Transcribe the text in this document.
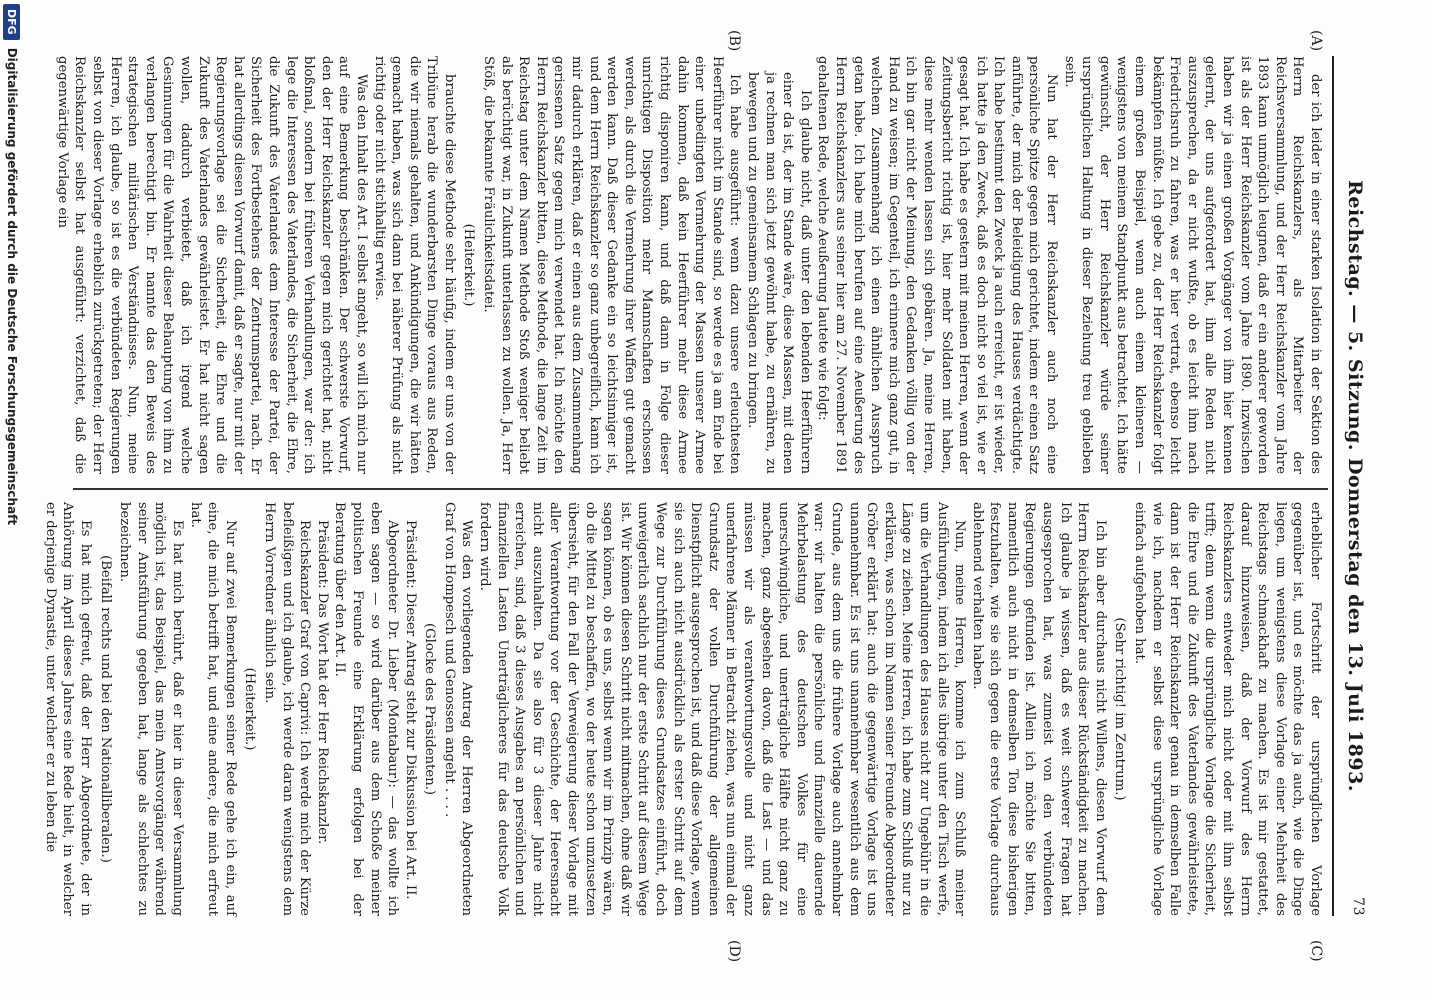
Reichstag. — 5. Sitzung. Donnerstag den 13. Juli 1893.
73
(A)
(B)
(C)
(D)

der ich leider in einer starken Isolation in der Sektion des Herrn Reichskanzlers, als Mitarbeiter der Reichsversammlung, und der Herr Reichskanzler vom Jahre 1893 kann unmöglich leugnen, daß er ein anderer geworden ist als der Herr Reichskanzler vom Jahre 1890. Inzwischen haben wir ja einen großen Vorgänger von ihm hier kennen gelernt, der uns aufgefordert hat, ihm alle Reden nicht auszusprechen, da er nicht wußte, ob es leicht ihm nach Friedrichsruh zu fahren, was er hier vertrat, ebenso leicht bekämpfen müßte. Ich gebe zu, der Herr Reichskanzler folgt einem großen Beispiel, wenn auch einem kleineren — wenigstens von meinem Standpunkt aus betrachtet. Ich hätte gewünscht, der Herr Reichskanzler würde seiner ursprünglichen Haltung in dieser Beziehung treu geblieben sein.

Nun hat der Herr Reichskanzler auch noch eine persönliche Spitze gegen mich gerichtet, indem er einen Satz anführte, der mich der Beleidigung des Hauses verdächtigte. Ich habe bestimmt den Zweck ja auch erreicht, er ist wieder, ich hatte ja den Zweck, daß es doch nicht so viel ist, wie er gesagt hat. Ich habe es gestern mit meinen Herren, wenn der Zeitungsbericht richtig ist, hier mehr Soldaten mit haben, diese mehr wenden lassen sich gebären. Ja, meine Herren, ich bin gar nicht der Meinung, den Gedanken völlig von der Hand zu weisen; im Gegenteil, ich erinnere mich ganz gut, in welchem Zusammenhang ich einen ähnlichen Ausspruch getan habe. Ich habe mich berufen auf eine Aeußerung des Herrn Reichskanzlers aus seiner hier am 27. November 1891 gehaltenen Rede, welche Aeußerung lautete wie folgt:

Ich glaube nicht, daß unter den lebenden Heerführern einer da ist, der im Stande wäre, diese Massen, mit denen ja rechnen man sich jetzt gewöhnt habe, zu ernähren, zu bewegen und zu gemeinsamem Schlagen zu bringen.

Ich habe ausgeführt: wenn dazu unsere erleuchtesten Heerführer nicht im Stande sind, so werde es ja am Ende bei einer unbedingten Vermehrung der Massen unserer Armee dahin kommen, daß kein Heerführer mehr diese Armee richtig disponiren kann, und daß dann in Folge dieser unrichtigen Disposition mehr Mannschaften erschossen werden, als durch die Vermehrung ihrer Waffen gut gemacht werden kann. Daß dieser Gedanke ein so leichtsinniger ist, und dem Herrn Reichskanzler so ganz unbegreiflich, kann ich mir dadurch erklären, daß er einen aus dem Zusammenhang gerissenen Satz gegen mich verwendet hat. Ich möchte den Herrn Reichskanzler bitten, diese Methode, die lange Zeit im Reichstag unter dem Namen Methode Stoß weniger beliebt als berüchtigt war, in Zukunft unterlassen zu wollen. Ja, Herr Stöß, die bekannte Fräulichkeitsdatei.

(Heiterkeit.)

brauchte diese Methode sehr häufig, indem er uns von der Tribüne herab die wunderbarsten Dinge voraus aus Reden, die wir niemals gehalten, und Ankündigungen, die wir hätten gemacht haben, was sich dann bei näherer Prüfung als nicht richtig oder nicht stichhaltig erwies.

Was den Inhalt des Art. I selbst angeht, so will ich mich nur auf eine Bemerkung beschränken. Der schwerste Vorwurf, den der Herr Reichskanzler gegen mich gerichtet hat, nicht bloßmal, sondern bei früheren Verhandlungen, war der: ich lege die Interessen des Vaterlandes, die Sicherheit, die Ehre, die Zukunft des Vaterlandes dem Interesse der Partei, der Sicherheit des Fortbestehens der Zentrumspartei, nach. Er hat allerdings diesen Vorwurf damit, daß er sagte, nur mit der Regierungsvorlage sei die Sicherheit, die Ehre und die Zukunft des Vaterlandes gewährleistet. Er hat nicht sagen wollen, dadurch verbietet, daß ich irgend welche Gesinnungen für die Wahrheit dieser Behauptung von ihm zu verlangen berechtigt bin. Er nannte das den Beweis des strategischen militärischen Verständnisses. Nun, meine Herren, ich glaube, so ist es die verbündeten Regierungen selbst von dieser Vorlage erheblich zurückgetreten; der Herr Reichskanzler selbst hat ausgeführt: verzichtet, daß die gegenwärtige Vorlage ein

erheblicher Fortschritt der ursprünglichen Vorlage gegenüber ist, und es möchte das ja auch, wie die Dinge liegen, um wenigstens diese Vorlage einer Mehrheit des Reichstags schmackhaft zu machen. Es ist mir gestattet, darauf hinzuweisen, daß der Vorwurf des Herrn Reichskanzlers entweder mich nicht oder mit ihm selbst trifft; denn wenn die ursprüngliche Vorlage die Sicherheit, die Ehre und die Zukunft des Vaterlandes gewährleistete, dann ist der Herr Reichskanzler genau in demselben Falle wie ich, nachdem er selbst diese ursprüngliche Vorlage einfach aufgehoben hat.

(Sehr richtig! im Zentrum.)

Ich bin aber durchaus nicht Willens, diesen Vorwurf dem Herrn Reichskanzler aus dieser Rückständigkeit zu machen. Ich glaube ja wissen, daß es weit schwerer Fragen hat ausgesprochen hat, was zumeist von den verbündeten Regierungen gefunden ist. Allein ich möchte Sie bitten, namentlich auch nicht in demselben Ton diese bisherigen festzuhalten, wie sie sich gegen die erste Vorlage durchaus ablehnend verhalten haben.

Nun, meine Herren, komme ich zum Schluß meiner Ausführungen, indem ich alles übrige unter den Tisch werfe, um die Verhandlungen des Hauses nicht zur Ungebühr in die Länge zu ziehen. Meine Herren, ich habe zum Schluß nur zu erklären, was schon im Namen seiner Freunde Abgeordneter Gröber erklärt hat: auch die gegenwärtige Vorlage ist uns unannehmbar. Es ist uns unannehmbar wesentlich aus dem Grunde, aus dem uns die frühere Vorlage auch annehmbar war: wir halten die persönliche und finanzielle dauernde Mehrbelastung des deutschen Volkes für eine unerschwingliche, und unerträgliche Hälfte nicht ganz zu machen, ganz abgesehen davon, daß die Last — und das müssen wir als verantwortungsvolle und nicht ganz unerfahrene Männer in Betracht ziehen, was nun einmal der Grundsatz der vollen Durchführung der allgemeinen Dienstpflicht ausgesprochen ist, und daß diese Vorlage, wenn sie sich auch nicht ausdrücklich als erster Schritt auf dem Wege zur Durchführung dieses Grundsatzes einführt, doch unweigerlich sachlich nur der erste Schritt auf diesem Wege ist. Wir können diesen Schritt nicht mitmachen, ohne daß wir sagen können, ob es uns, selbst wenn wir im Prinzip wären, ob die Mittel zu beschaffen, wo der heute schon umzusetzen übersieht, für den Fall der Verweigerung dieser Vorlage mit aller Verantwortung vor der Geschichte, der Heeresnacht nicht auszuhalten. Da sie also für 3 dieser Jahre nicht erreichen, sind, daß 3 dieses Ausgabes an persönlichen und finanziellen Lasten Unerträglicheres für das deutsche Volk fordern wird.

Was den vorliegenden Antrag der Herren Abgeordneten Graf von Hompesch und Genossen angeht . . . .

(Glocke des Präsidenten.)

Präsident: Dieser Antrag steht zur Diskussion bei Art. II.

Abgeordneter Dr. Lieber (Montabaur): — das wollte ich eben sagen — so wird darüber aus dem Schoße meiner politischen Freunde eine Erklärung erfolgen bei der Beratung über den Art. II.

Präsident: Das Wort hat der Herr Reichskanzler.

Reichskanzler Graf von Caprivi: Ich werde mich der Kürze befleißigen und ich glaube, ich werde daran wenigstens dem Herrn Vorredner ähnlich sein.

(Heiterkeit.)

Nur auf zwei Bemerkungen seiner Rede gehe ich ein, auf eine, die mich betrifft hat, und eine andere, die mich erfreut hat.

Es hat mich berührt, daß er hier in dieser Versammlung möglich ist, das Beispiel, das mein Amtsvorgänger während seiner Amtsführung gegeben hat, lange als schlechtes zu bezeichnen.

(Beifall rechts und bei den Nationalliberalen.)

Es hat mich gefreut, daß der Herr Abgeordnete, der in Anhörung im April dieses Jahres eine Rede hielt, in welcher er derjenige Dynastie, unter welcher er zu leben die

DFG
Digitalisierung gefördert durch die Deutsche Forschungsgemeinschaft
